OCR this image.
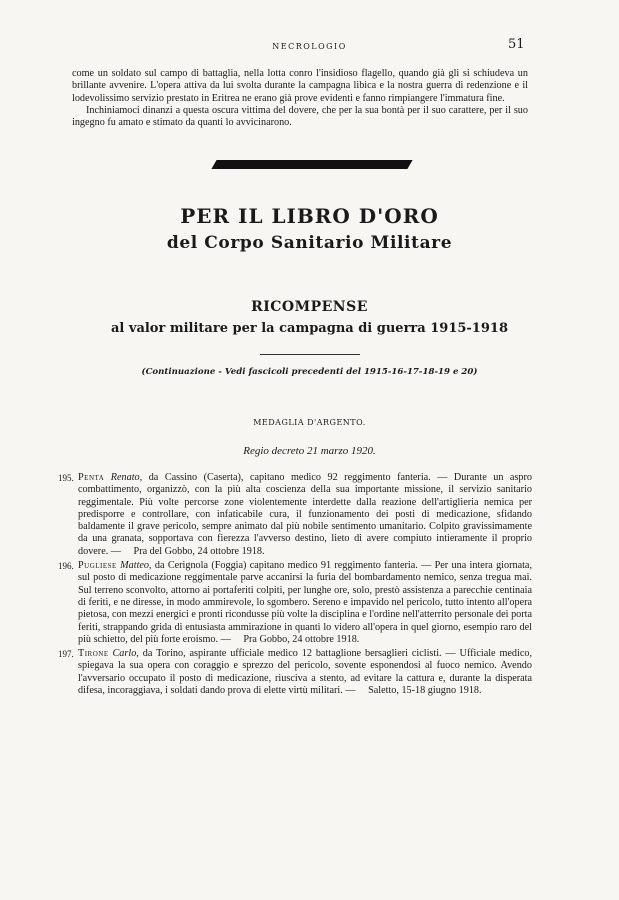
NECROLOGIO	51

come un soldato sul campo di battaglia, nella lotta conro l'insidioso flagello, quando già gli si schiudeva un brillante avvenire. L'opera attiva da lui svolta durante la campagna libica e la nostra guerra di redenzione e il lodevolissimo servizio prestato in Eritrea ne erano già prove evidenti e fanno rimpiangere l'immatura fine.

Inchiniamoci dinanzi a questa oscura vittima del dovere, che per la sua bontà per il suo carattere, per il suo ingegno fu amato e stimato da quanti lo avvicinarono.

PER IL LIBRO D'ORO
del Corpo Sanitario Militare
RICOMPENSE
al valor militare per la campagna di guerra 1915-1918
(Continuazione - Vedi fascicoli precedenti del 1915-16-17-18-19 e 20)
MEDAGLIA D'ARGENTO.
Regio decreto 21 marzo 1920.
195. Penta Renato, da Cassino (Caserta), capitano medico 92 reggimento fanteria. — Durante un aspro combattimento, organizzò, con la più alta coscienza della sua importante missione, il servizio sanitario reggimentale. Più volte percorse zone violentemente interdette dalla reazione dell'artiglieria nemica per predisporre e controllare, con infaticabile cura, il funzionamento dei posti di medicazione, sfidando baldamente il grave pericolo, sempre animato dal più nobile sentimento umanitario. Colpito gravissimamente da una granata, sopportava con fierezza l'avverso destino, lieto di avere compiuto intieramente il proprio dovere. — Pra del Gobbo, 24 ottobre 1918.
196. Pugliese Matteo, da Cerignola (Foggia) capitano medico 91 reggimento fanteria. — Per una intera giornata, sul posto di medicazione reggimentale parve accanirsi la furia del bombardamento nemico, senza tregua mai. Sul terreno sconvolto, attorno ai portaferiti colpiti, per lunghe ore, solo, prestò assistenza a parecchie centinaia di feriti, e ne diresse, in modo ammirevole, lo sgombero. Sereno e impavido nel pericolo, tutto intento all'opera pietosa, con mezzi energici e pronti ricondusse più volte la disciplina e l'ordine nell'atterrito personale dei porta feriti, strappando grida di entusiasta ammirazione in quanti lo videro all'opera in quel giorno, esempio raro del più schietto, del più forte eroismo. — Pra Gobbo, 24 ottobre 1918.
197. Tirone Carlo, da Torino, aspirante ufficiale medico 12 battaglione bersaglieri ciclisti. — Ufficiale medico, spiegava la sua opera con coraggio e sprezzo del pericolo, sovente esponendosi al fuoco nemico. Avendo l'avversario occupato il posto di medicazione, riusciva a stento, ad evitare la cattura e, durante la disperata difesa, incoraggiava, i soldati dando prova di elette virtù militari. — Saletto, 15-18 giugno 1918.
